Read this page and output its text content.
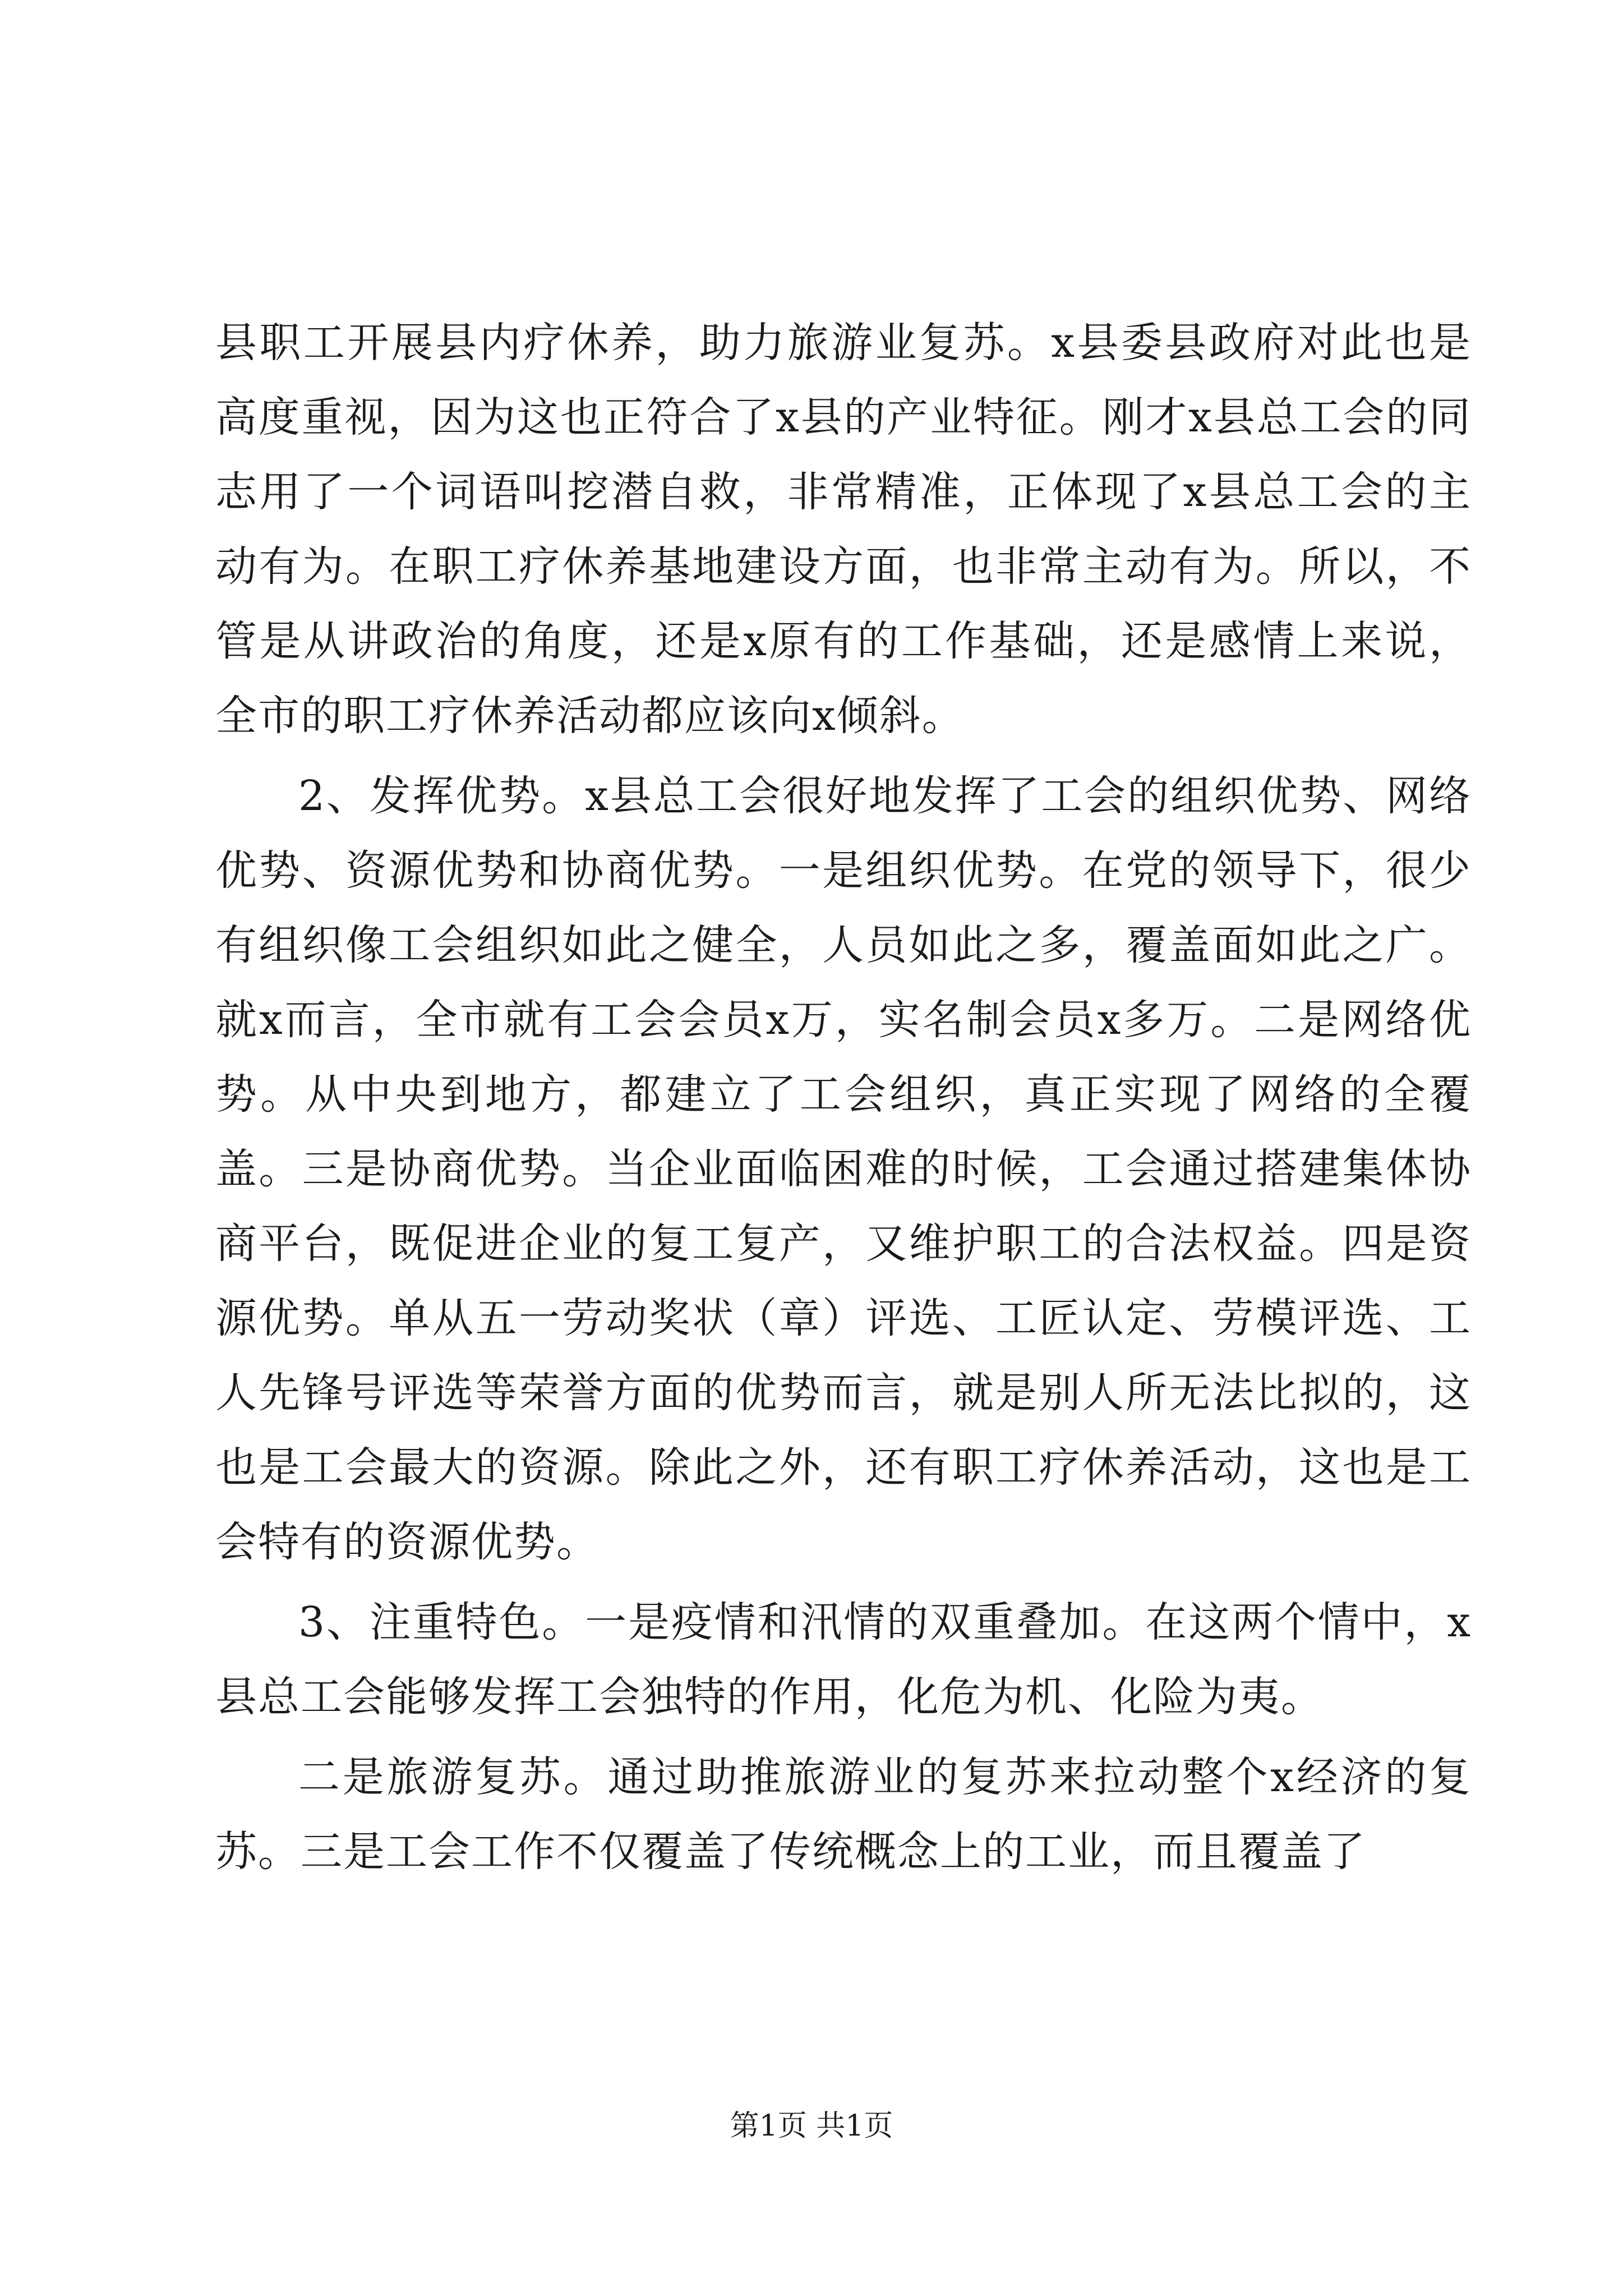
县职工开展县内疗休养，助力旅游业复苏。x县委县政府对此也是高度重视，因为这也正符合了x县的产业特征。刚才x县总工会的同志用了一个词语叫挖潜自救，非常精准，正体现了x县总工会的主动有为。在职工疗休养基地建设方面，也非常主动有为。所以，不管是从讲政治的角度，还是x原有的工作基础，还是感情上来说，全市的职工疗休养活动都应该向x倾斜。

2、发挥优势。x县总工会很好地发挥了工会的组织优势、网络优势、资源优势和协商优势。一是组织优势。在党的领导下，很少有组织像工会组织如此之健全，人员如此之多，覆盖面如此之广。就x而言，全市就有工会会员x万，实名制会员x多万。二是网络优势。从中央到地方，都建立了工会组织，真正实现了网络的全覆盖。三是协商优势。当企业面临困难的时候，工会通过搭建集体协商平台，既促进企业的复工复产，又维护职工的合法权益。四是资源优势。单从五一劳动奖状（章）评选、工匠认定、劳模评选、工人先锋号评选等荣誉方面的优势而言，就是别人所无法比拟的，这也是工会最大的资源。除此之外，还有职工疗休养活动，这也是工会特有的资源优势。

3、注重特色。一是疫情和汛情的双重叠加。在这两个情中，x县总工会能够发挥工会独特的作用，化危为机、化险为夷。

二是旅游复苏。通过助推旅游业的复苏来拉动整个x经济的复苏。三是工会工作不仅覆盖了传统概念上的工业，而且覆盖了

第1页 共1页
